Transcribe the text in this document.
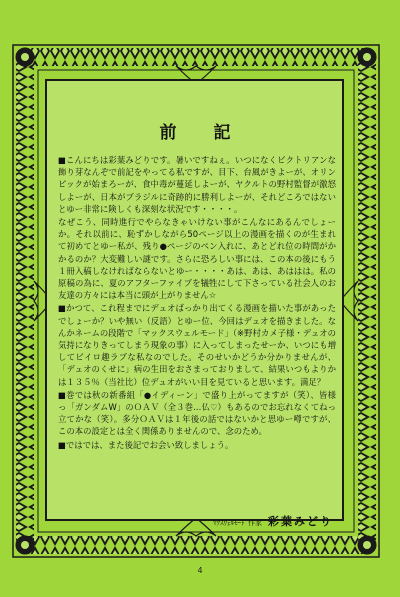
前　記

■こんにちは彩葉みどりです。暑いですねぇ。いつになくビクトリアンな飾り芽なんぞで前記をやってる私ですが、目下、台風がきよーが、オリンピックが始まろーが、食中毒が蔓延しよーが、ヤクルトの野村監督が激怒しよーが、日本がブラジルに奇跡的に勝利しよーが、それどころではないとゆー非常に険しくも深刻な状況です・・・・。

なぜこう、同時進行でやらなきゃいけない事がこんなにあるんでしょーか。それ以前に、恥ずかしながら50ページ以上の漫画を描くのが生まれて初めてとゆー私が、残り●ページのペン入れに、あとどれ位の時間がかかるのか？大変難しい謎です。さらに恐ろしい事には、この本の後にもう１冊入稿しなければならないとゆー・・・・あは、あは、あははは。私の原稿の為に、夏のアフターファイブを犠牲にして下さっている社会人のお友達の方々には本当に頭が上がりません☆

■かつて、これ程までにデュオばっかり出てくる漫画を描いた事があったでしょーか？いや無い（反語）とゆー位、今回はデュオを描きました。なんかネームの段階で「マックスウェルモード」（※野村カメ子様・デュオの気持になりきってしまう現象の事）に入ってしまったせーか、いつにも増してビイロ趣ラブな私なのでした。そのせいかどうか分かりませんが、「デュオのくせに」病の生田をおさまっておりまして、結果いつもよりかは１３５％（当社比）位デュオがいい目を見ていると思います。満足？

■巻では秋の新番組「●イディーン」で盛り上がってますが（笑）、皆様っ「ガンダムW」のＯＡＶ（全３巻…仏♡）もあるのでお忘れなくてねっ立てかな（笑）。多分ＯＡＶは１年後の話ではないかと思ゆー噂ですが、この本の設定とは全く関係ありませんので、念のため。

■ではでは、また後記でお会い致しましょう。

ﾏｸｽｳｪﾙﾓｰﾄﾞ作家 彩葉みどり
4
